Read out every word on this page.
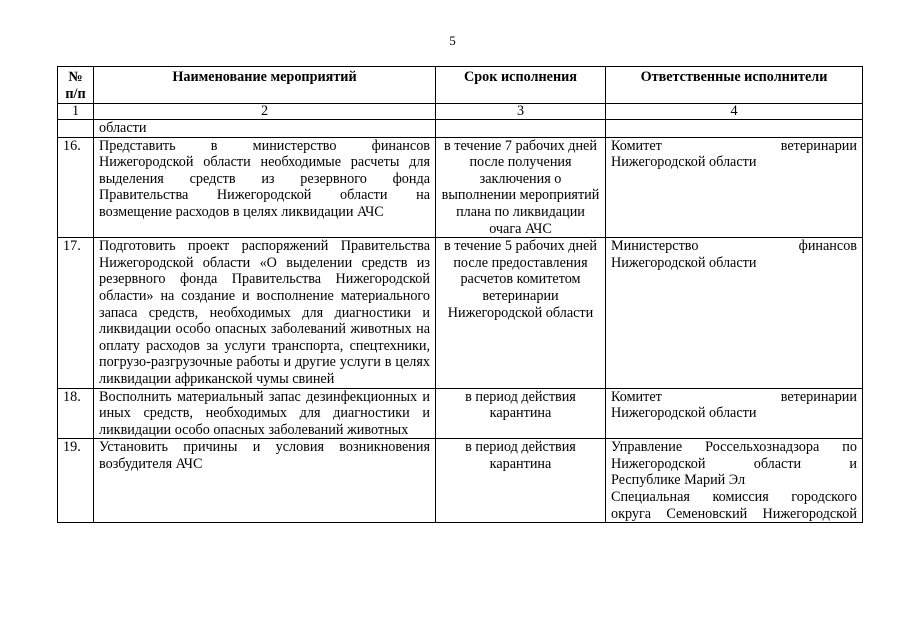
5
№ п/п	Наименование мероприятий	Срок исполнения	Ответственные исполнители
1	2	3	4
	области		
16.	Представить в министерство финансов Нижегородской области необходимые расчеты для выделения средств из резервного фонда Правительства Нижегородской области на возмещение расходов в целях ликвидации АЧС	в течение 7 рабочих дней после получения заключения о выполнении мероприятий плана по ликвидации очага АЧС	Комитет ветеринарии
Нижегородской области

17.	Подготовить проект распоряжений Правительства Нижегородской области «О выделении средств из резервного фонда Правительства Нижегородской области» на создание и восполнение материального запаса средств, необходимых для диагностики и ликвидации особо опасных заболеваний животных на оплату расходов за услуги транспорта, спецтехники, погрузо-разгрузочные работы и другие услуги в целях ликвидации африканской чумы свиней	в течение 5 рабочих дней после предоставления расчетов комитетом ветеринарии Нижегородской области	Министерство финансов
Нижегородской области

18.	Восполнить материальный запас дезинфекционных и иных средств, необходимых для диагностики и ликвидации особо опасных заболеваний животных	в период действия карантина	Комитет ветеринарии
Нижегородской области

19.	Установить причины и условия возникновения возбудителя АЧС	в период действия карантина	Управление Россельхознадзора по
Нижегородской области и
Республике Марий Эл
Специальная комиссия городского
округа Семеновский Нижегородской
